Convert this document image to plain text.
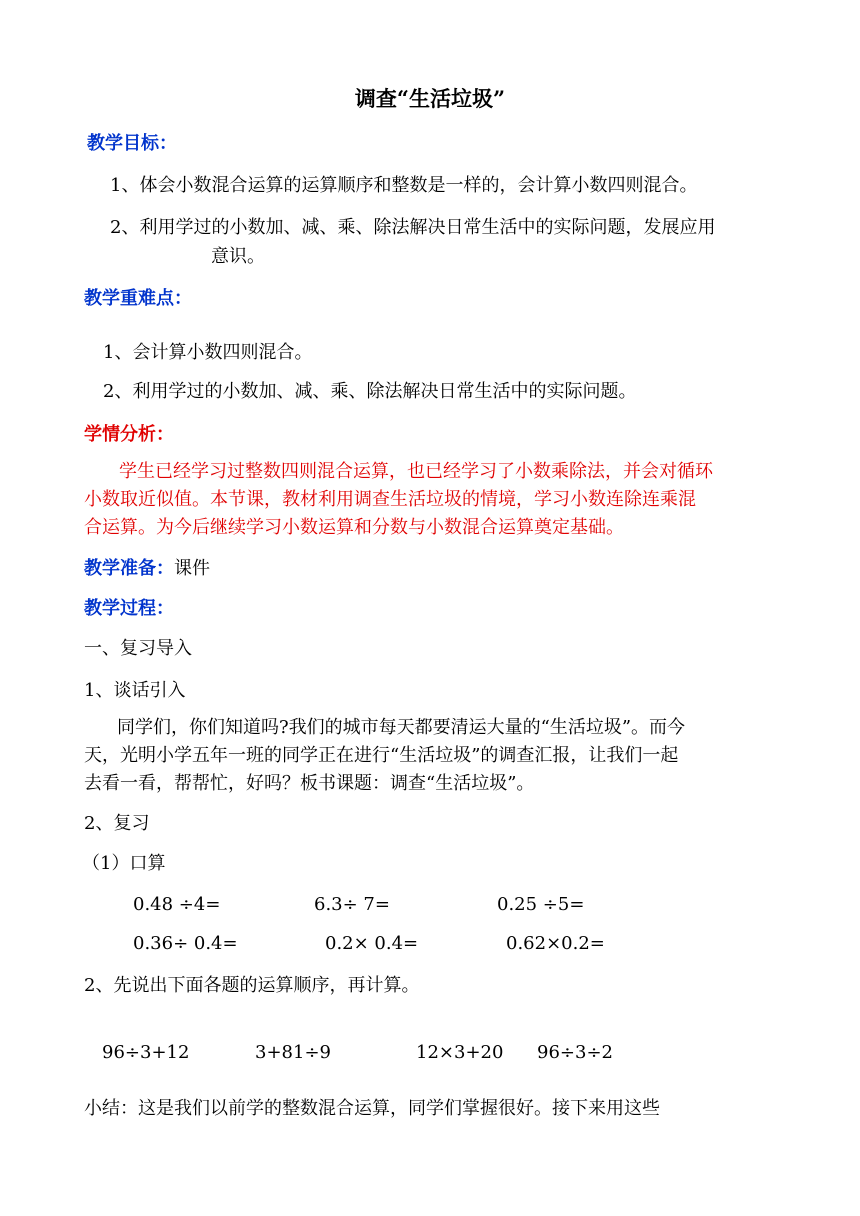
调查“生活垃圾”
教学目标：
1、体会小数混合运算的运算顺序和整数是一样的，会计算小数四则混合。
2、利用学过的小数加、减、乘、除法解决日常生活中的实际问题，发展应用
意识。
教学重难点：
1、会计算小数四则混合。
2、利用学过的小数加、减、乘、除法解决日常生活中的实际问题。
学情分析：
学生已经学习过整数四则混合运算，也已经学习了小数乘除法，并会对循环
小数取近似值。本节课，教材利用调查生活垃圾的情境，学习小数连除连乘混
合运算。为今后继续学习小数运算和分数与小数混合运算奠定基础。
教学准备：课件
教学过程：
一、复习导入
1、谈话引入
同学们，你们知道吗?我们的城市每天都要清运大量的“生活垃圾”。而今
天，光明小学五年一班的同学正在进行“生活垃圾”的调查汇报，让我们一起
去看一看，帮帮忙，好吗？板书课题：调查“生活垃圾”。
2、复习
（1）口算
0.48 ÷4=	6.3÷ 7=	0.25 ÷5=
0.36÷ 0.4=	0.2× 0.4=	0.62×0.2=
2、先说出下面各题的运算顺序，再计算。
96÷3+12	3+81÷9	12×3+20 96÷3÷2
小结：这是我们以前学的整数混合运算，同学们掌握很好。接下来用这些
